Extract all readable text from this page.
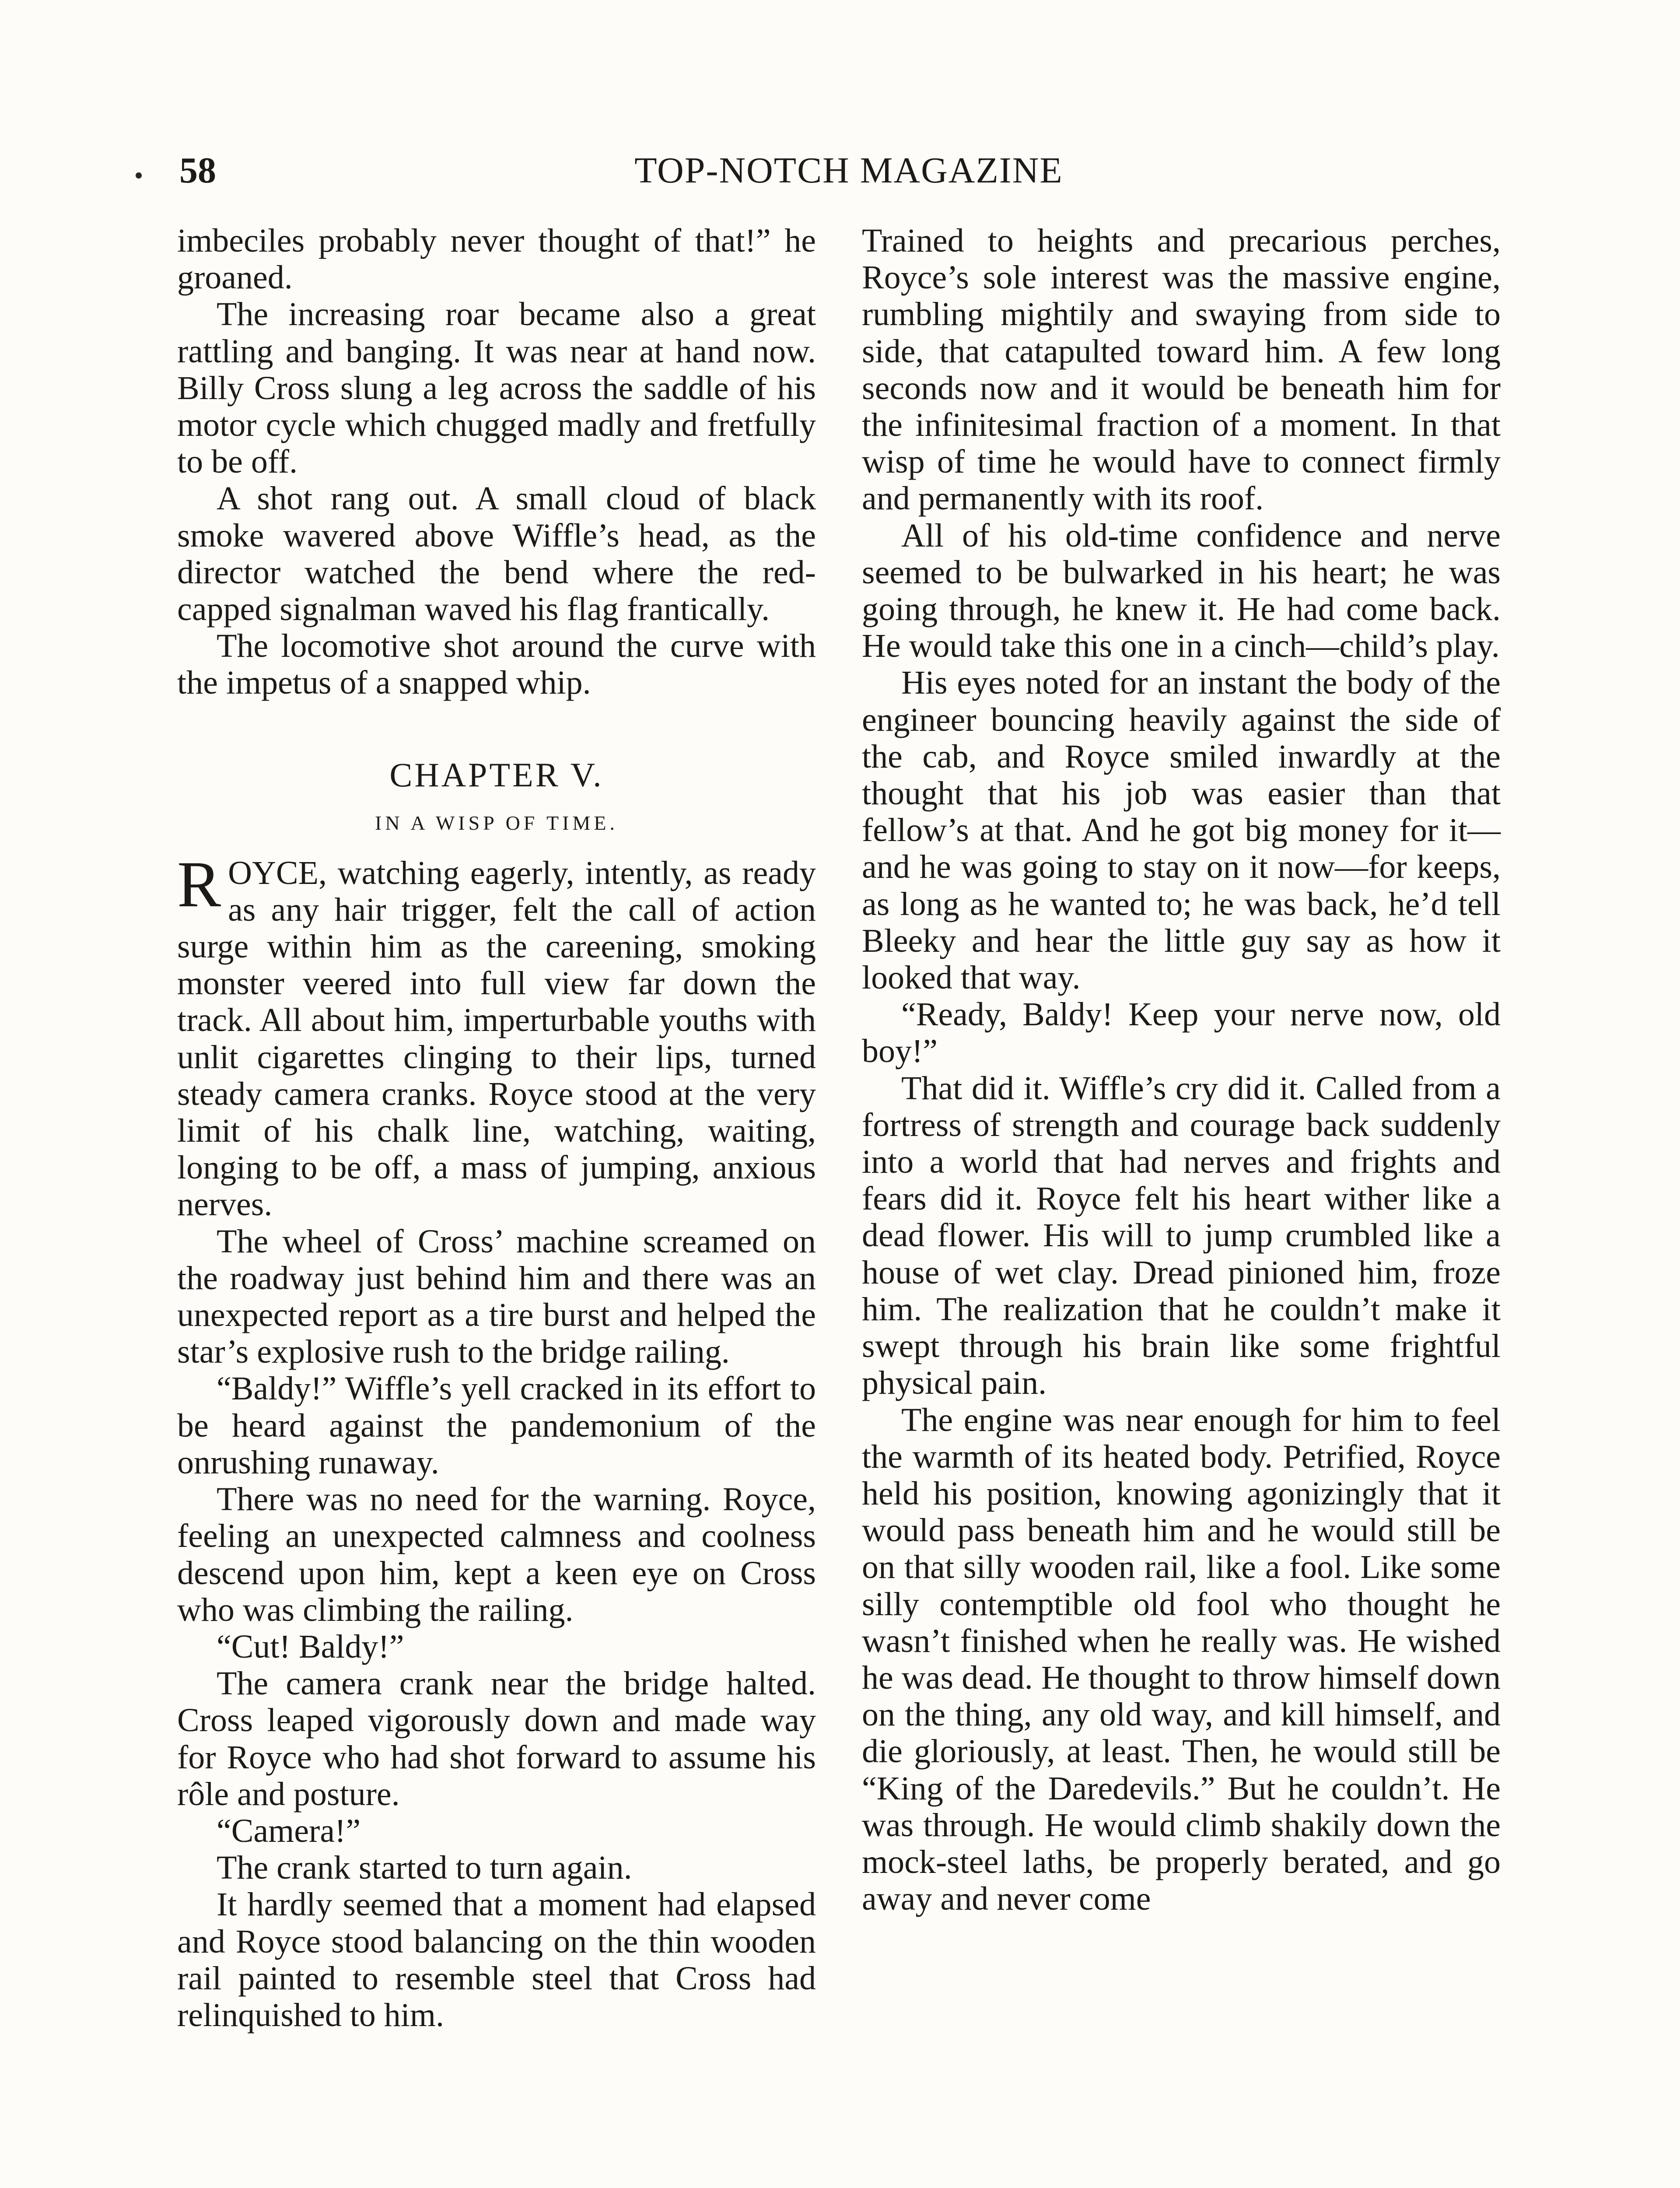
58	TOP-NOTCH MAGAZINE

imbeciles probably never thought of that!” he groaned.

The increasing roar became also a great rattling and banging. It was near at hand now. Billy Cross slung a leg across the saddle of his motor cycle which chugged madly and fretfully to be off.

A shot rang out. A small cloud of black smoke wavered above Wiffle’s head, as the director watched the bend where the red-capped signalman waved his flag frantically.

The locomotive shot around the curve with the impetus of a snapped whip.

CHAPTER V.
IN A WISP OF TIME.

ROYCE, watching eagerly, intently, as ready as any hair trigger, felt the call of action surge within him as the careening, smoking monster veered into full view far down the track. All about him, imperturbable youths with unlit cigarettes clinging to their lips, turned steady camera cranks. Royce stood at the very limit of his chalk line, watching, waiting, longing to be off, a mass of jumping, anxious nerves.

The wheel of Cross’ machine screamed on the roadway just behind him and there was an unexpected report as a tire burst and helped the star’s explosive rush to the bridge railing.

“Baldy!” Wiffle’s yell cracked in its effort to be heard against the pandemonium of the onrushing runaway.

There was no need for the warning. Royce, feeling an unexpected calmness and coolness descend upon him, kept a keen eye on Cross who was climbing the railing.

“Cut! Baldy!”

The camera crank near the bridge halted. Cross leaped vigorously down and made way for Royce who had shot forward to assume his rôle and posture.

“Camera!”

The crank started to turn again.

It hardly seemed that a moment had elapsed and Royce stood balancing on the thin wooden rail painted to resemble steel that Cross had relinquished to him.

Trained to heights and precarious perches, Royce’s sole interest was the massive engine, rumbling mightily and swaying from side to side, that catapulted toward him. A few long seconds now and it would be beneath him for the infinitesimal fraction of a moment. In that wisp of time he would have to connect firmly and permanently with its roof.

All of his old-time confidence and nerve seemed to be bulwarked in his heart; he was going through, he knew it. He had come back. He would take this one in a cinch—child’s play.

His eyes noted for an instant the body of the engineer bouncing heavily against the side of the cab, and Royce smiled inwardly at the thought that his job was easier than that fellow’s at that. And he got big money for it—and he was going to stay on it now—for keeps, as long as he wanted to; he was back, he’d tell Bleeky and hear the little guy say as how it looked that way.

“Ready, Baldy! Keep your nerve now, old boy!”

That did it. Wiffle’s cry did it. Called from a fortress of strength and courage back suddenly into a world that had nerves and frights and fears did it. Royce felt his heart wither like a dead flower. His will to jump crumbled like a house of wet clay. Dread pinioned him, froze him. The realization that he couldn’t make it swept through his brain like some frightful physical pain.

The engine was near enough for him to feel the warmth of its heated body. Petrified, Royce held his position, knowing agonizingly that it would pass beneath him and he would still be on that silly wooden rail, like a fool. Like some silly contemptible old fool who thought he wasn’t finished when he really was. He wished he was dead. He thought to throw himself down on the thing, any old way, and kill himself, and die gloriously, at least. Then, he would still be “King of the Daredevils.” But he couldn’t. He was through. He would climb shakily down the mock-steel laths, be properly berated, and go away and never come
